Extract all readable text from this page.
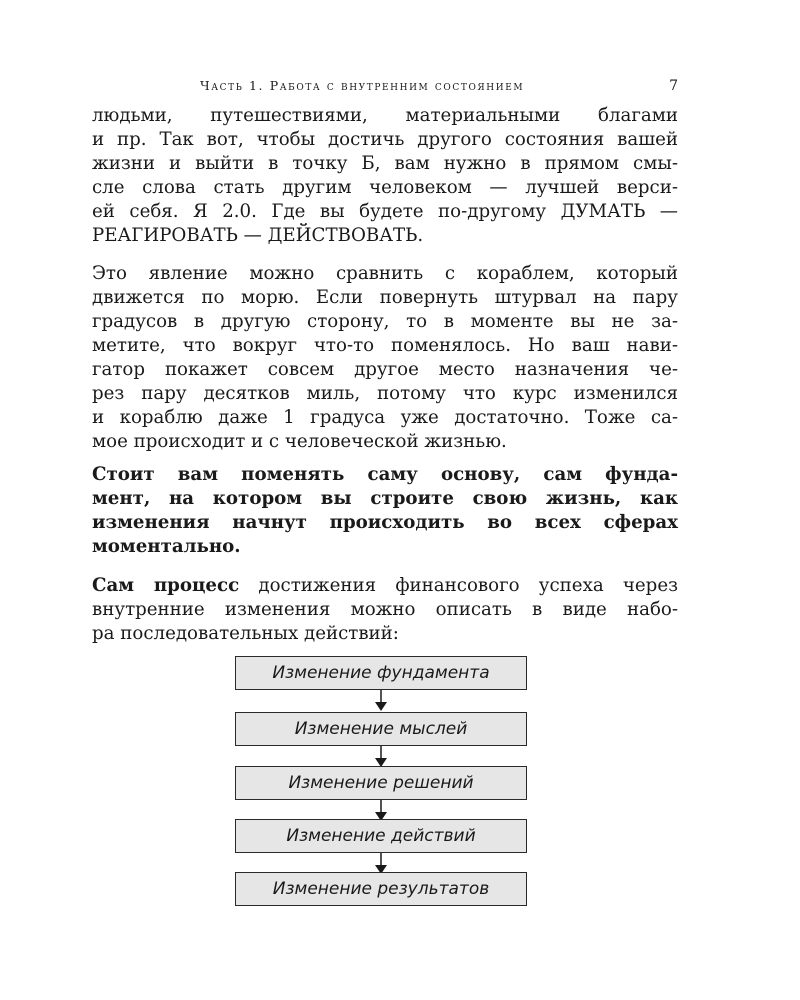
Часть 1. Работа с внутренним состоянием	7

людьми, путешествиями, материальными благами
и пр. Так вот, чтобы достичь другого состояния вашей
жизни и выйти в точку Б, вам нужно в прямом смы-
сле слова стать другим человеком — лучшей верси-
ей себя. Я 2.0. Где вы будете по-другому ДУМАТЬ —
РЕАГИРОВАТЬ — ДЕЙСТВОВАТЬ.

Это явление можно сравнить с кораблем, который
движется по морю. Если повернуть штурвал на пару
градусов в другую сторону, то в моменте вы не за-
метите, что вокруг что-то поменялось. Но ваш нави-
гатор покажет совсем другое место назначения че-
рез пару десятков миль, потому что курс изменился
и кораблю даже 1 градуса уже достаточно. Тоже са-
мое происходит и с человеческой жизнью.

Стоит вам поменять саму основу, сам фунда-
мент, на котором вы строите свою жизнь, как
изменения начнут происходить во всех сферах
моментально.

Сам процесс достижения финансового успеха через
внутренние изменения можно описать в виде набо-
ра последовательных действий:

Изменение фундамента
Изменение мыслей
Изменение решений
Изменение действий
Изменение результатов
